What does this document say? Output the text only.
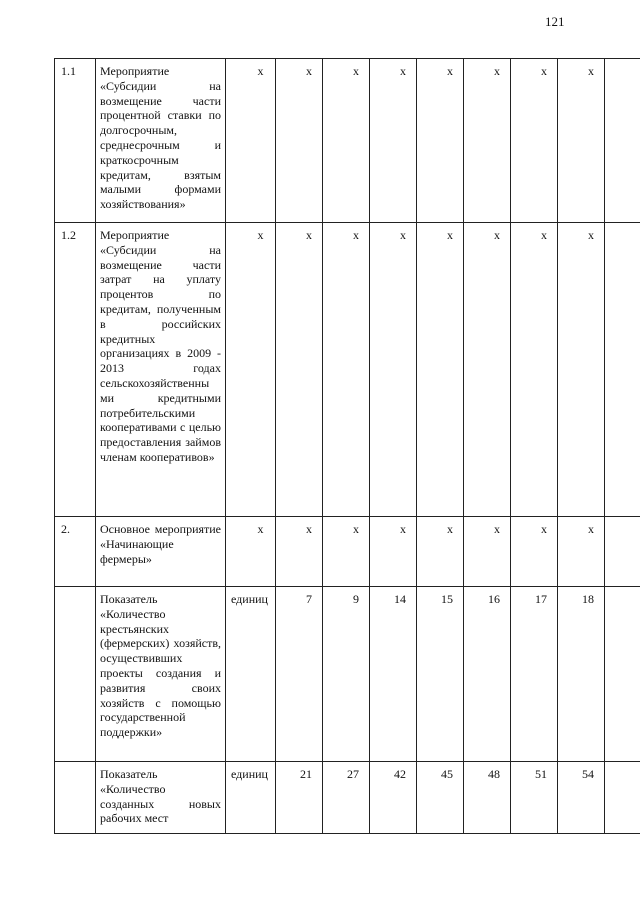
121
1.1	Мероприятие «Субсидии на возмещение части процентной ставки по долгосрочным, среднесрочным и краткосрочным кредитам, взятым малыми формами хозяйствования»	х	х	х	х	х	х	х	х	
1.2	Мероприятие «Субсидии на возмещение части затрат на уплату процентов по кредитам, полученным в российских кредитных организациях в 2009 - 2013 годах сельскохозяйственны ми кредитными потребительскими кооперативами с целью предоставления займов членам кооперативов»	х	х	х	х	х	х	х	х	
2.	Основное мероприятие «Начинающие фермеры»	х	х	х	х	х	х	х	х	
	Показатель «Количество крестьянских (фермерских) хозяйств, осуществивших проекты создания и развития своих хозяйств с помощью государственной поддержки»	единиц	7	9	14	15	16	17	18	
	Показатель «Количество созданных новых рабочих мест	единиц	21	27	42	45	48	51	54	
